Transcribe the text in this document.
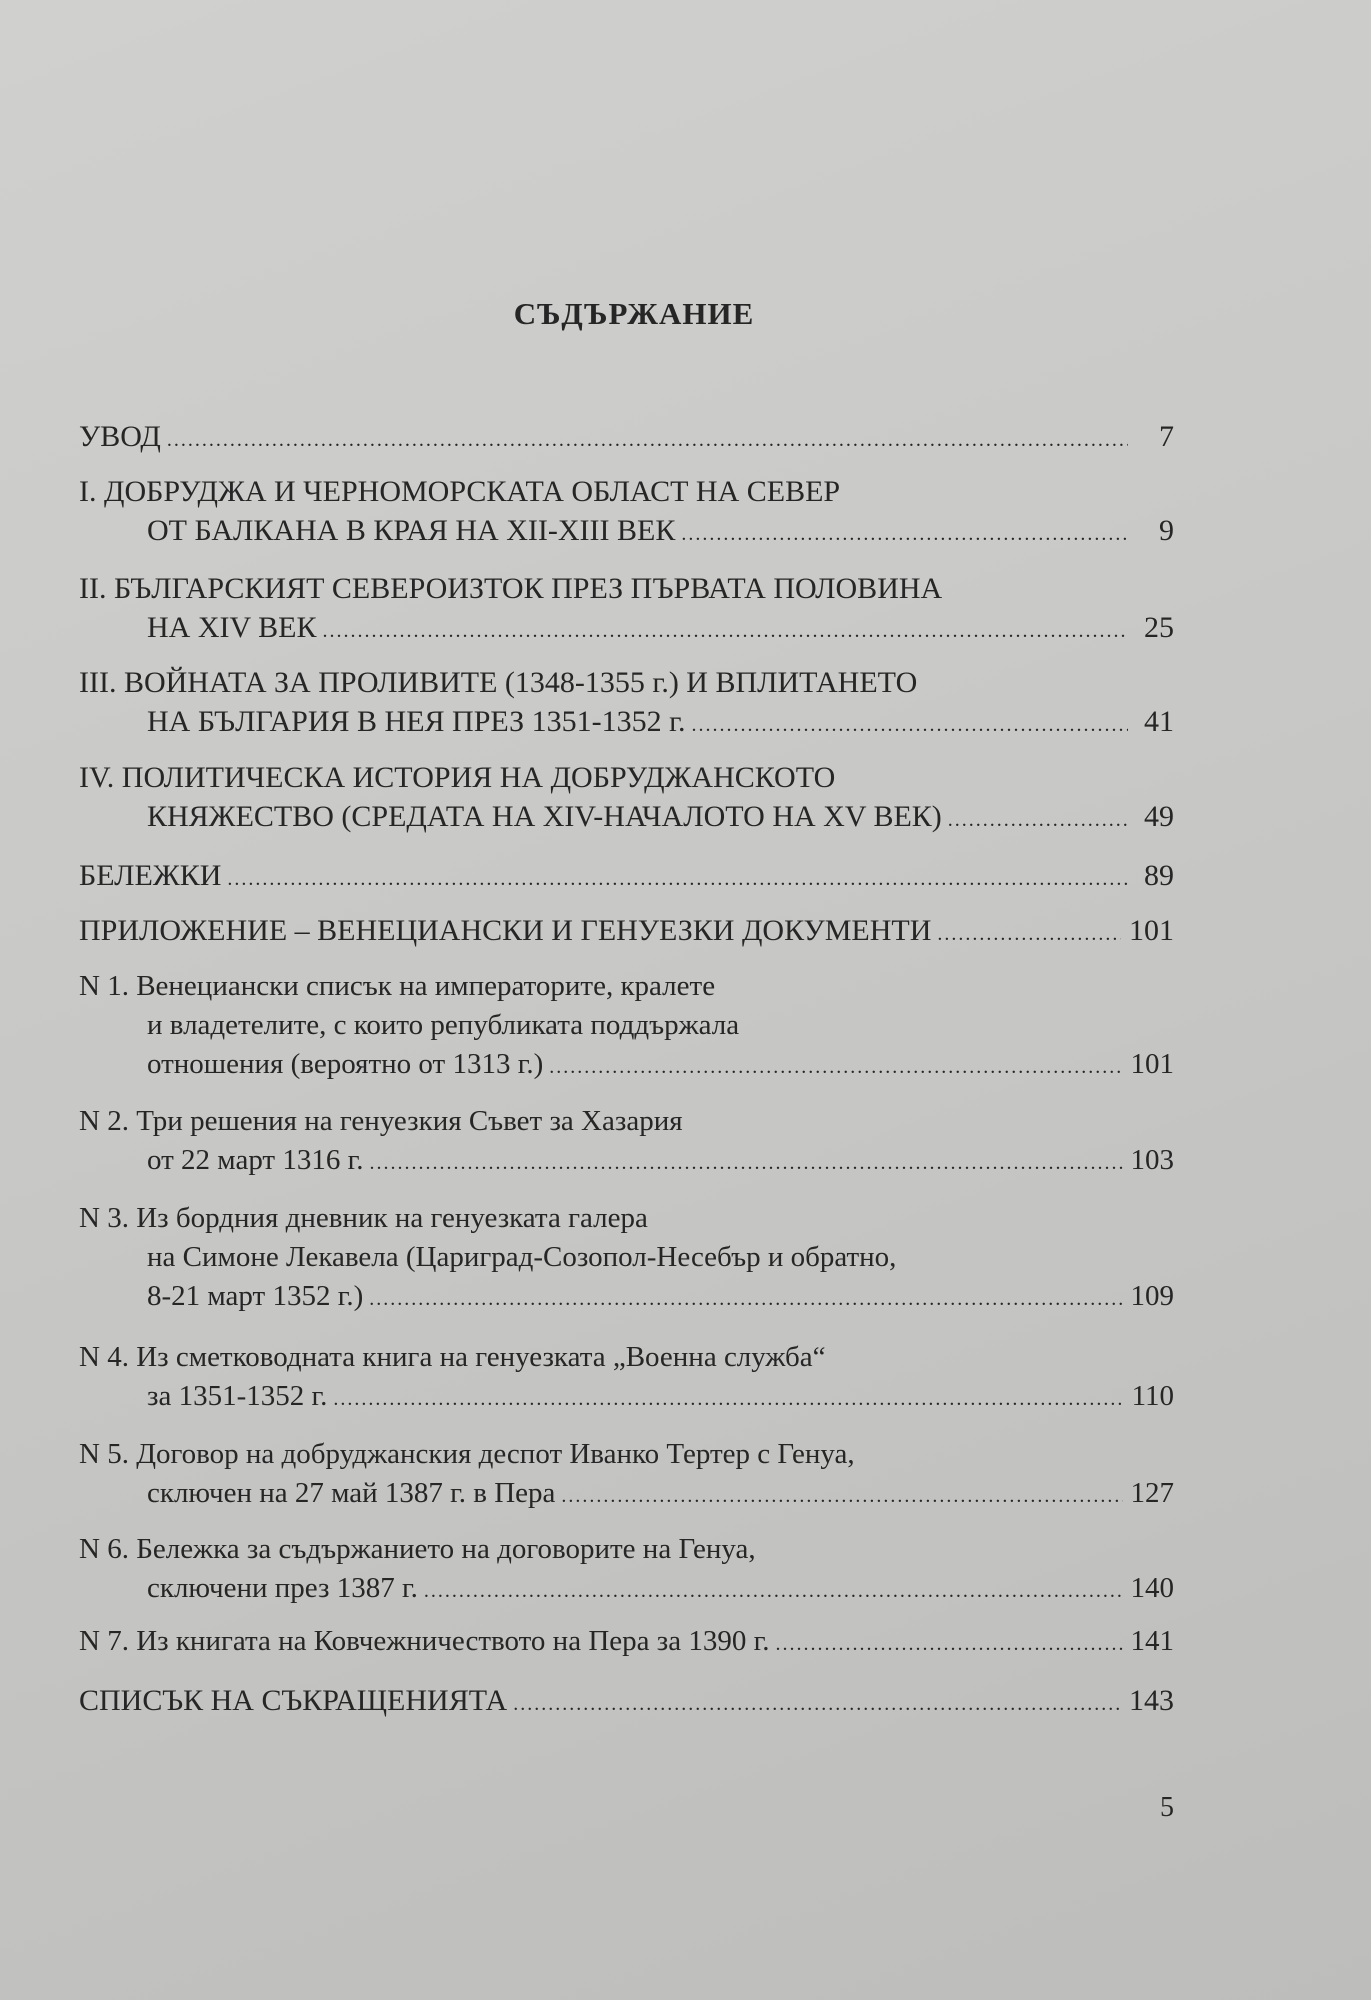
СЪДЪРЖАНИЕ
УВОД .....	7
I. ДОБРУДЖА И ЧЕРНОМОРСКАТА ОБЛАСТ НА СЕВЕР
ОТ БАЛКАНА В КРАЯ НА XII-XIII ВЕК .....	9
II. БЪЛГАРСКИЯТ СЕВЕРОИЗТОК ПРЕЗ ПЪРВАТА ПОЛОВИНА
НА XIV ВЕК .....	25
III. ВОЙНАТА ЗА ПРОЛИВИТЕ (1348-1355 г.) И ВПЛИТАНЕТО
НА БЪЛГАРИЯ В НЕЯ ПРЕЗ 1351-1352 г. .....	41
IV. ПОЛИТИЧЕСКА ИСТОРИЯ НА ДОБРУДЖАНСКОТО
КНЯЖЕСТВО (СРЕДАТА НА XIV-НАЧАЛОТО НА XV ВЕК) .....	49
БЕЛЕЖКИ .....	89
ПРИЛОЖЕНИЕ – ВЕНЕЦИАНСКИ И ГЕНУЕЗКИ ДОКУМЕНТИ .....	101
N 1. Венециански списък на императорите, кралете
и владетелите, с които републиката поддържала
отношения (вероятно от 1313 г.) .....	101
N 2. Три решения на генуезкия Съвет за Хазария
от 22 март 1316 г. .....	103
N 3. Из бордния дневник на генуезката галера
на Симоне Лекавела (Цариград-Созопол-Несебър и обратно,
8-21 март 1352 г.) .....	109
N 4. Из сметководната книга на генуезката „Военна служба“
за 1351-1352 г. .....	110
N 5. Договор на добруджанския деспот Иванко Тертер с Генуа,
сключен на 27 май 1387 г. в Пера .....	127
N 6. Бележка за съдържанието на договорите на Генуа,
сключени през 1387 г. .....	140
N 7. Из книгата на Ковчежничеството на Пера за 1390 г. .....	141
СПИСЪК НА СЪКРАЩЕНИЯТА .....	143
5
